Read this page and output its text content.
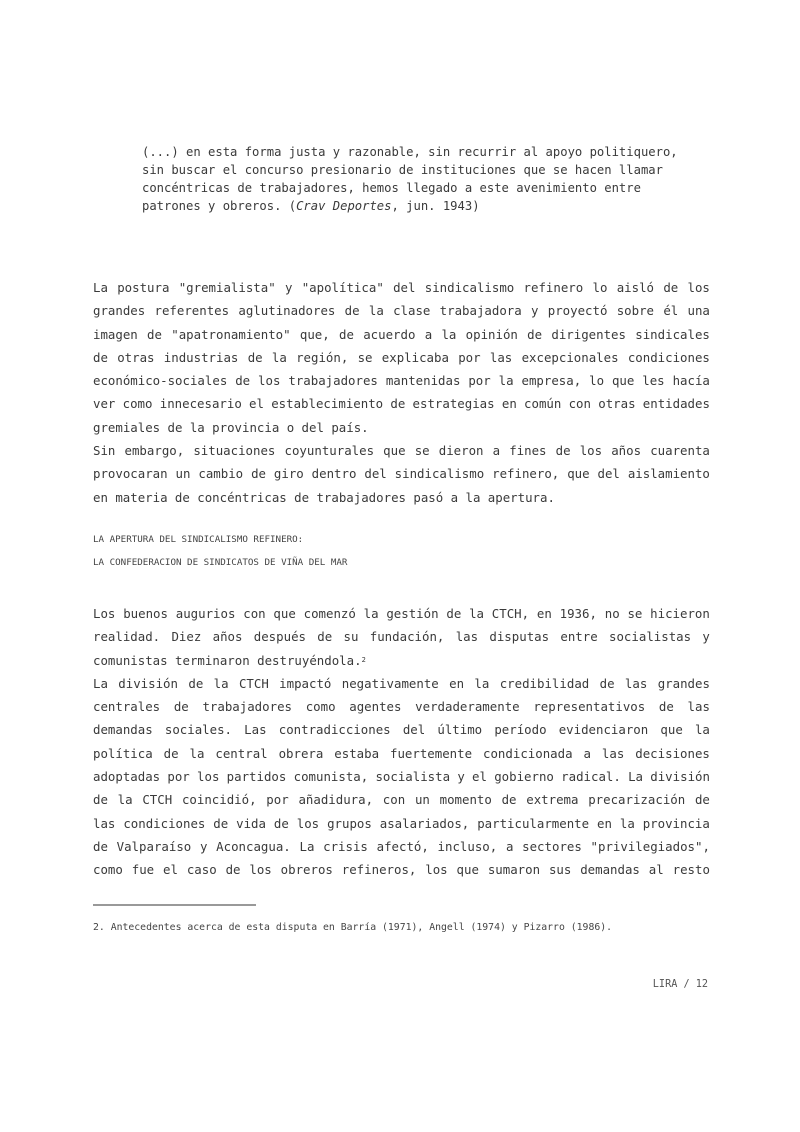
(...) en esta forma justa y razonable, sin recurrir al apoyo politiquero,
sin buscar el concurso presionario de instituciones que se hacen llamar
concéntricas de trabajadores, hemos llegado a este avenimiento entre
patrones y obreros. (Crav Deportes, jun. 1943)
La postura "gremialista" y "apolítica" del sindicalismo refinero lo aisló de los
grandes referentes aglutinadores de la clase trabajadora y proyectó sobre él una
imagen de "apatronamiento" que, de acuerdo a la opinión de dirigentes sindicales
de otras industrias de la región, se explicaba por las excepcionales condiciones
económico-sociales de los trabajadores mantenidas por la empresa, lo que les hacía
ver como innecesario el establecimiento de estrategias en común con otras entidades
gremiales de la provincia o del país.
Sin embargo, situaciones coyunturales que se dieron a fines de los años cuarenta
provocaran un cambio de giro dentro del sindicalismo refinero, que del aislamiento
en materia de concéntricas de trabajadores pasó a la apertura.
LA APERTURA DEL SINDICALISMO REFINERO:
LA CONFEDERACION DE SINDICATOS DE VIÑA DEL MAR
Los buenos augurios con que comenzó la gestión de la CTCH, en 1936, no se hicieron
realidad. Diez años después de su fundación, las disputas entre socialistas y
comunistas terminaron destruyéndola. 2
La división de la CTCH impactó negativamente en la credibilidad de las grandes
centrales de trabajadores como agentes verdaderamente representativos de las
demandas sociales. Las contradicciones del último período evidenciaron que la
política de la central obrera estaba fuertemente condicionada a las decisiones
adoptadas por los partidos comunista, socialista y el gobierno radical. La división
de la CTCH coincidió, por añadidura, con un momento de extrema precarización de
las condiciones de vida de los grupos asalariados, particularmente en la provincia
de Valparaíso y Aconcagua. La crisis afectó, incluso, a sectores "privilegiados",
como fue el caso de los obreros refineros, los que sumaron sus demandas al resto
2. Antecedentes acerca de esta disputa en Barría (1971), Angell (1974) y Pizarro (1986).
LIRA / 12
